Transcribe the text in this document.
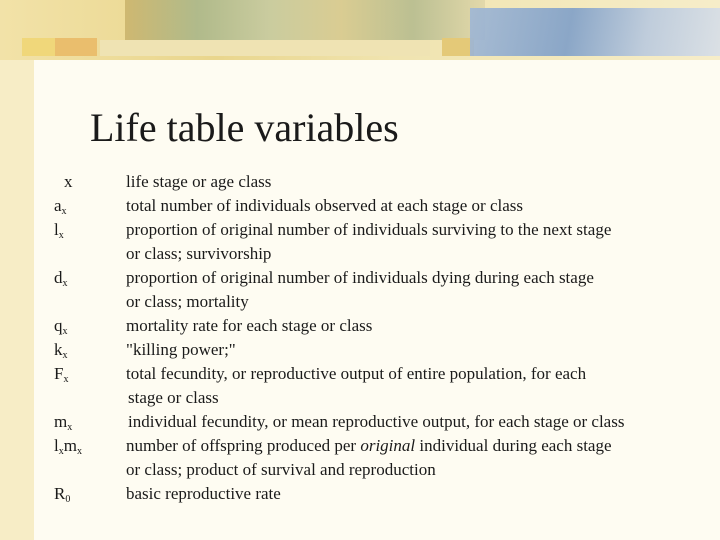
Life table variables
x	life stage or age class
$a_x$	total number of individuals observed at each stage or class
$l_x$	proportion of original number of individuals surviving to the next stage
or class; survivorship
$d_x$	proportion of original number of individuals dying during each stage
or class; mortality
$q_x$	mortality rate for each stage or class
$k_x$	"killing power;"
$F_x$	total fecundity, or reproductive output of entire population, for each
stage or class
$m_x$	individual fecundity, or mean reproductive output, for each stage or class
$l_xm_x$	number of offspring produced per original individual during each stage
or class; product of survival and reproduction
$R_0$	basic reproductive rate
